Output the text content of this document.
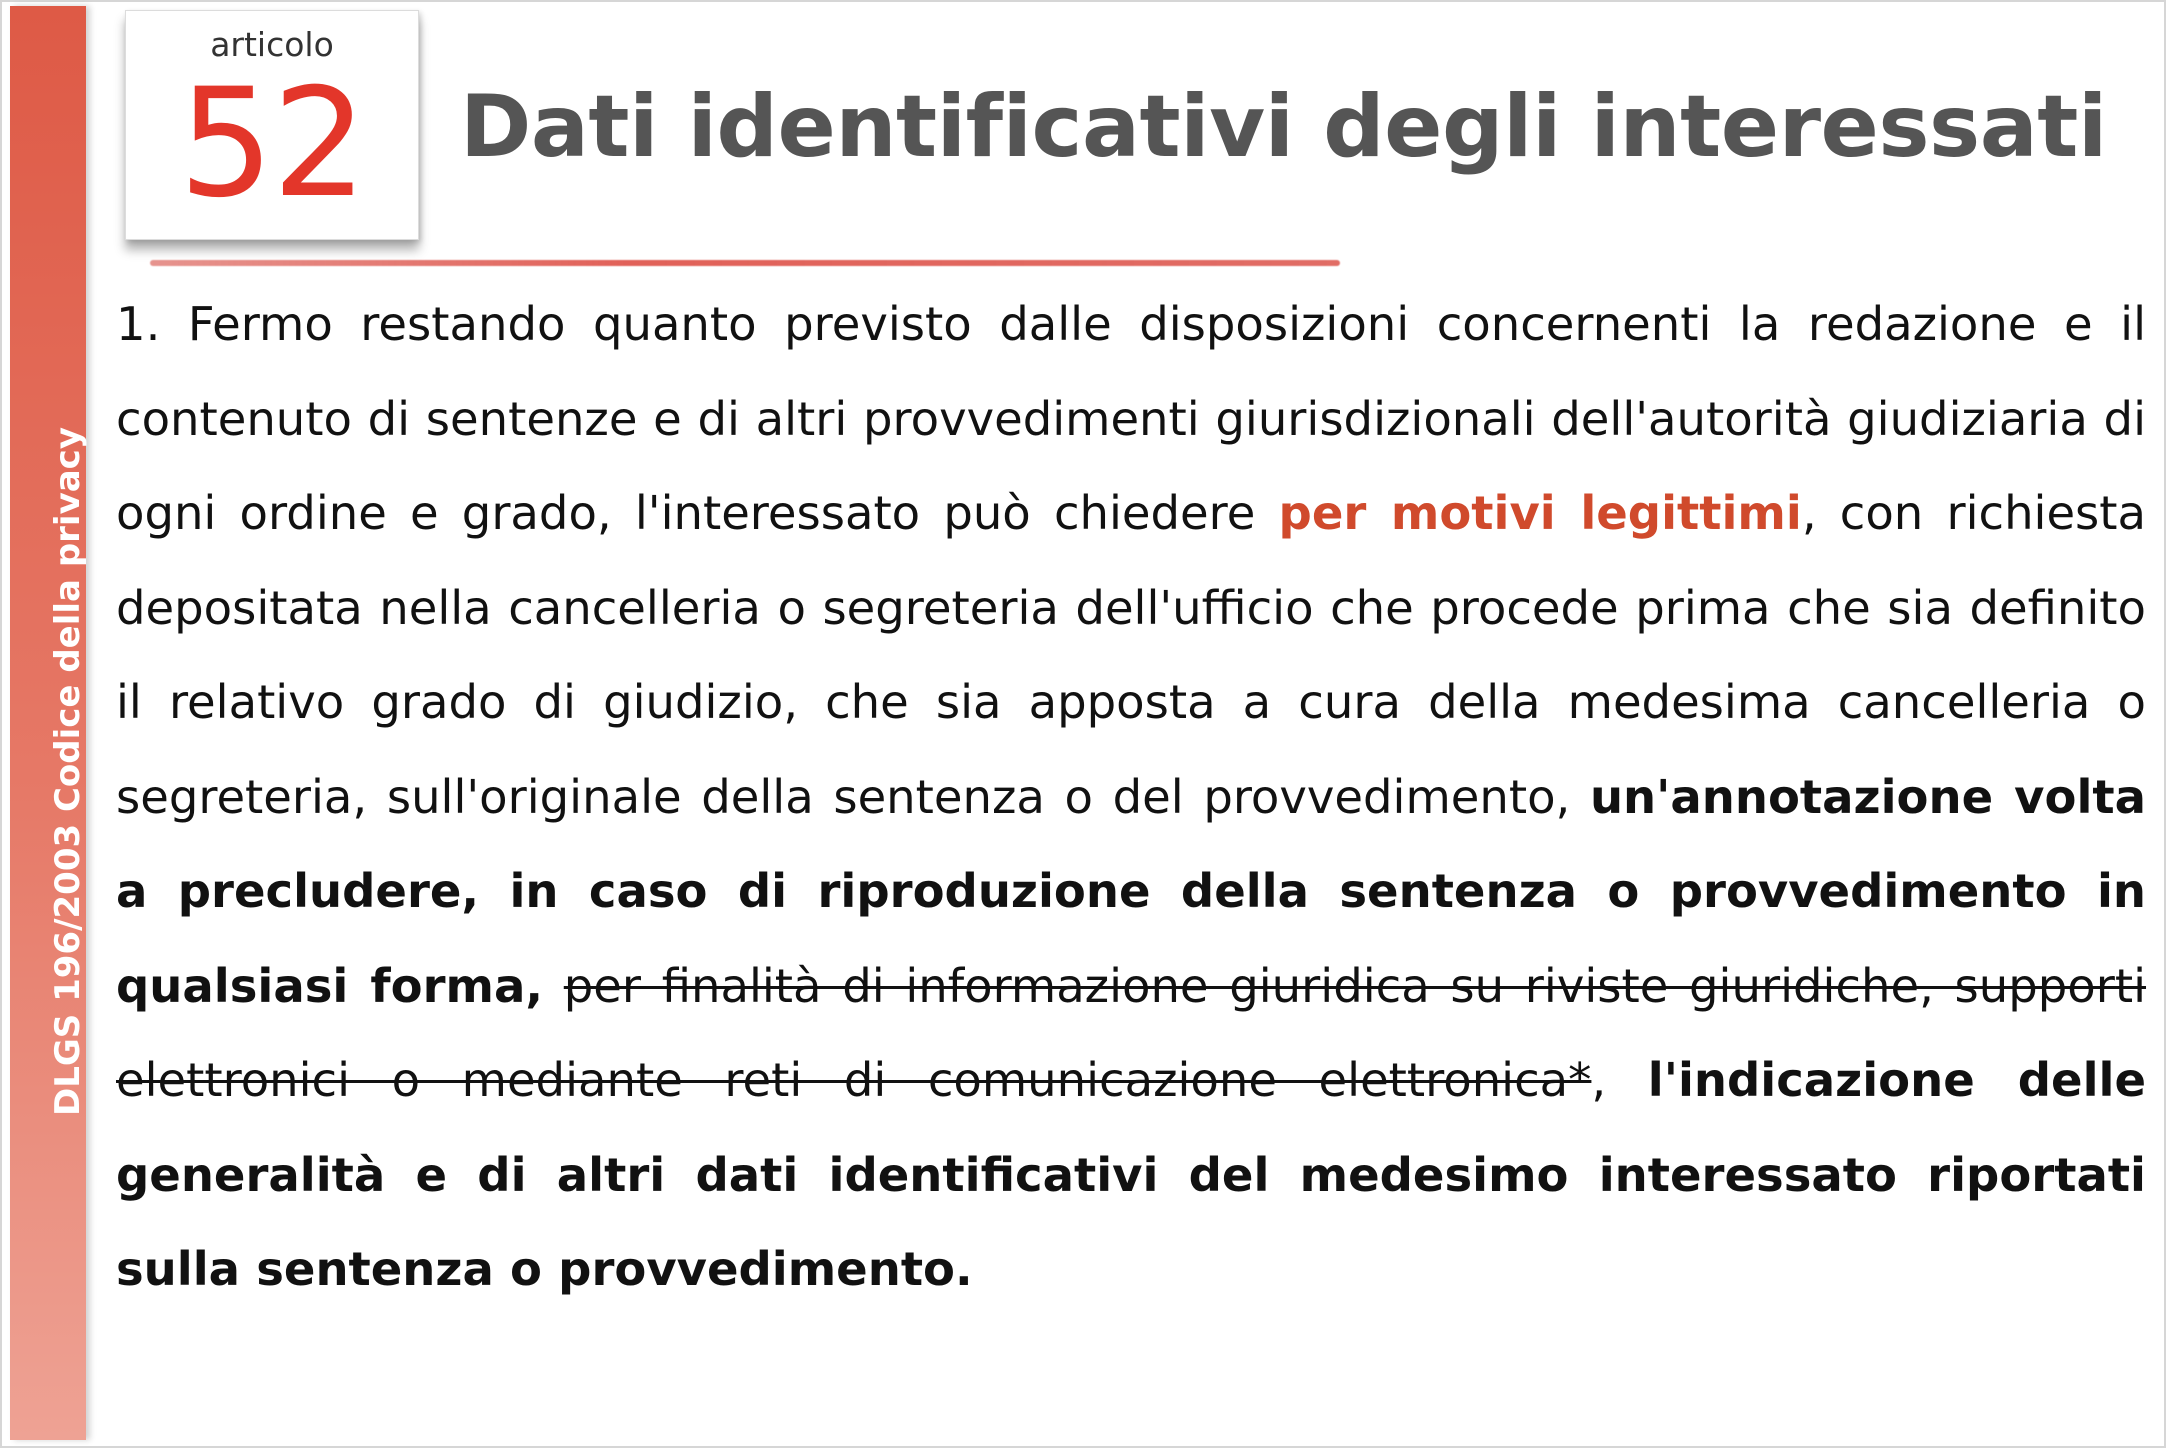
DLGS 196/2003 Codice della privacy
articolo
52	Dati identificativi degli interessati
1. Fermo restando quanto previsto dalle disposizioni concernenti la redazione e il contenuto di sentenze e di altri provvedimenti giurisdizionali dell'autorità giudiziaria di ogni ordine e grado, l'interessato può chiedere per motivi legittimi, con richiesta depositata nella cancelleria o segreteria dell'ufficio che procede prima che sia definito il relativo grado di giudizio, che sia apposta a cura della medesima cancelleria o segreteria, sull'originale della sentenza o del provvedimento, un'annotazione volta a precludere, in caso di riproduzione della sentenza o provvedimento in qualsiasi forma, per finalità di informazione giuridica su riviste giuridiche, supporti elettronici o mediante reti di comunicazione elettronica*, l'indicazione delle generalità e di altri dati identificativi del medesimo interessato riportati sulla sentenza o provvedimento.
